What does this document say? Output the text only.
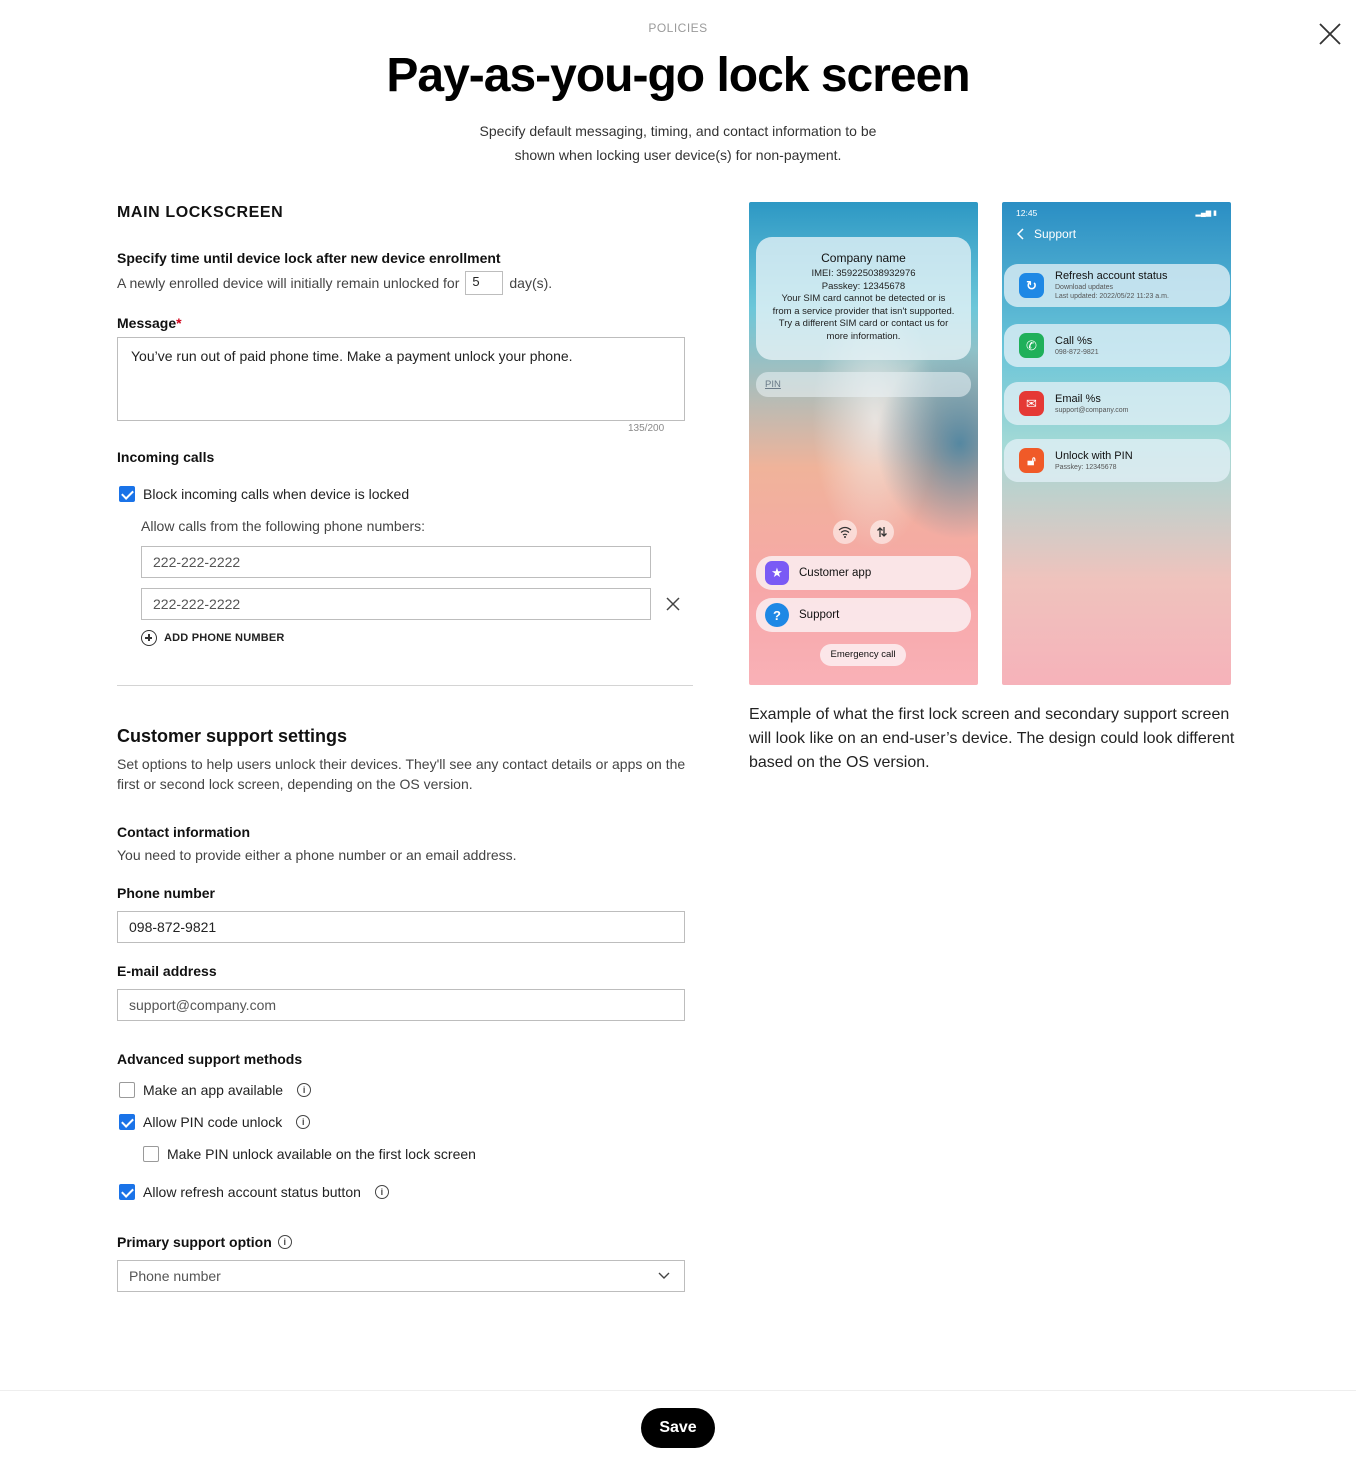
POLICIES
Pay-as-you-go lock screen
Specify default messaging, timing, and contact information to be shown when locking user device(s) for non-payment.
MAIN LOCKSCREEN
Specify time until device lock after new device enrollment
A newly enrolled device will initially remain unlocked for	5	day(s).
Message*
You’ve run out of paid phone time. Make a payment unlock your phone.
135/200
Incoming calls
Block incoming calls when device is locked
Allow calls from the following phone numbers:
222-222-2222
222-222-2222
ADD PHONE NUMBER
Customer support settings
Set options to help users unlock their devices. They'll see any contact details or apps on the first or second lock screen, depending on the OS version.
Contact information
You need to provide either a phone number or an email address.
Phone number
098-872-9821
E-mail address
support@company.com
Advanced support methods
Make an app available	i
Allow PIN code unlock	i
Make PIN unlock available on the first lock screen
Allow refresh account status button	i
Primary support option	i
Phone number
Company name
IMEI: 359225038932976
Passkey: 12345678
Your SIM card cannot be detected or is from a service provider that isn't supported. Try a different SIM card or contact us for more information.
PIN
★	Customer app
?	Support
Emergency call
12:45	▂▄▆ ▮
Support
↻
Refresh account status
Download updates
Last updated: 2022/05/22 11:23 a.m.
✆	Call %s
098-872-9821
✉	Email %s
support@company.com
🔓︎	Unlock with PIN
Passkey: 12345678
Example of what the first lock screen and secondary support screen will look like on an end-user’s device. The design could look different based on the OS version.
Save
